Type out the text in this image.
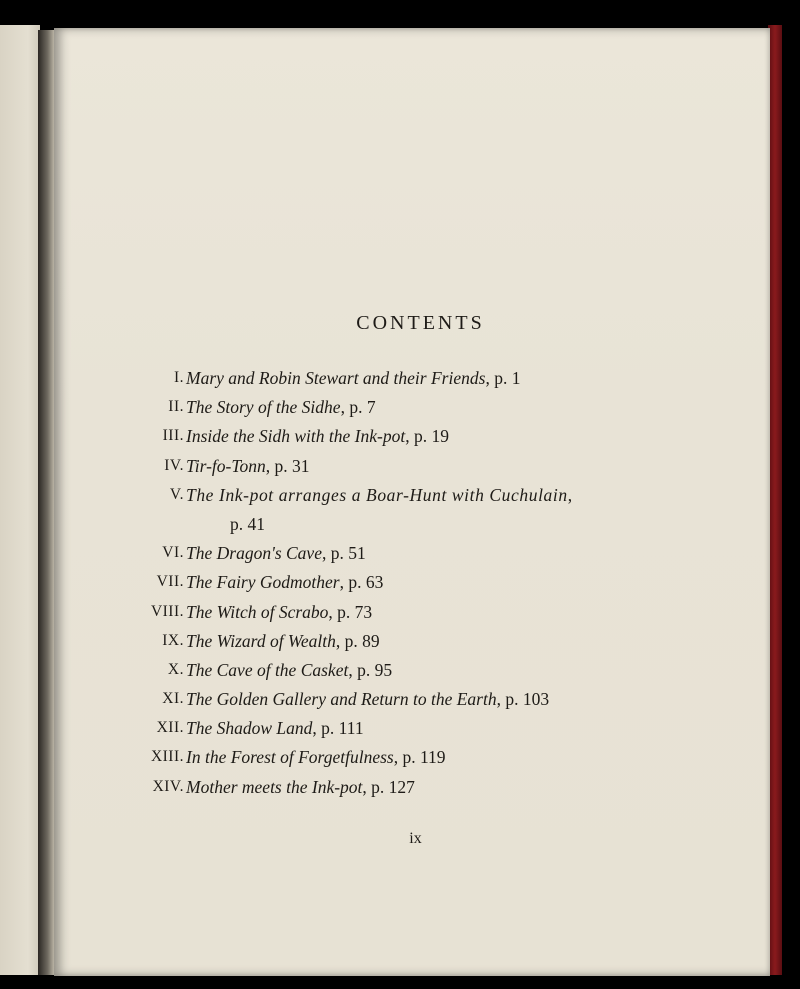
CONTENTS
I. Mary and Robin Stewart and their Friends, p. 1
II. The Story of the Sidhe, p. 7
III. Inside the Sidh with the Ink-pot, p. 19
IV. Tir-fo-Tonn, p. 31
V. The Ink-pot arranges a Boar-Hunt with Cuchulain,
p. 41
VI. The Dragon's Cave, p. 51
VII. The Fairy Godmother, p. 63
VIII. The Witch of Scrabo, p. 73
IX. The Wizard of Wealth, p. 89
X. The Cave of the Casket, p. 95
XI. The Golden Gallery and Return to the Earth, p. 103
XII. The Shadow Land, p. 111
XIII. In the Forest of Forgetfulness, p. 119
XIV. Mother meets the Ink-pot, p. 127
ix
